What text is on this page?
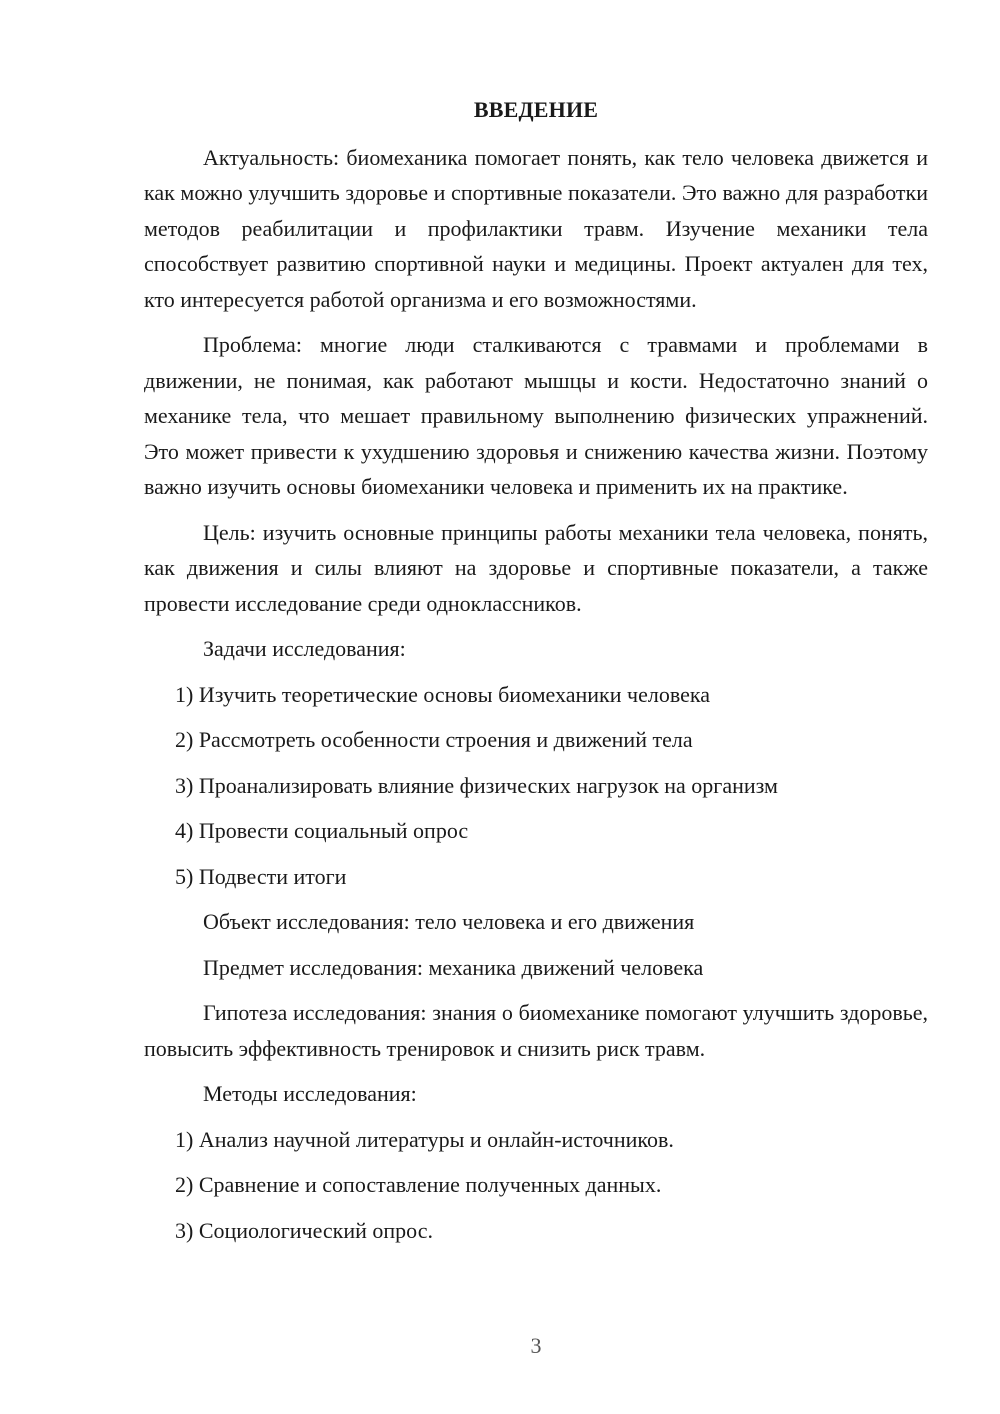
ВВЕДЕНИЕ
Актуальность: биомеханика помогает понять, как тело человека движется и как можно улучшить здоровье и спортивные показатели. Это важно для разработки методов реабилитации и профилактики травм. Изучение механики тела способствует развитию спортивной науки и медицины. Проект актуален для тех, кто интересуется работой организма и его возможностями.
Проблема: многие люди сталкиваются с травмами и проблемами в движении, не понимая, как работают мышцы и кости. Недостаточно знаний о механике тела, что мешает правильному выполнению физических упражнений. Это может привести к ухудшению здоровья и снижению качества жизни. Поэтому важно изучить основы биомеханики человека и применить их на практике.
Цель: изучить основные принципы работы механики тела человека, понять, как движения и силы влияют на здоровье и спортивные показатели, а также провести исследование среди одноклассников.
Задачи исследования:
1) Изучить теоретические основы биомеханики человека
2) Рассмотреть особенности строения и движений тела
3) Проанализировать влияние физических нагрузок на организм
4) Провести социальный опрос
5) Подвести итоги
Объект исследования: тело человека и его движения
Предмет исследования: механика движений человека
Гипотеза исследования: знания о биомеханике помогают улучшить здоровье, повысить эффективность тренировок и снизить риск травм.
Методы исследования:
1) Анализ научной литературы и онлайн-источников.
2) Сравнение и сопоставление полученных данных.
3) Социологический опрос.
3
